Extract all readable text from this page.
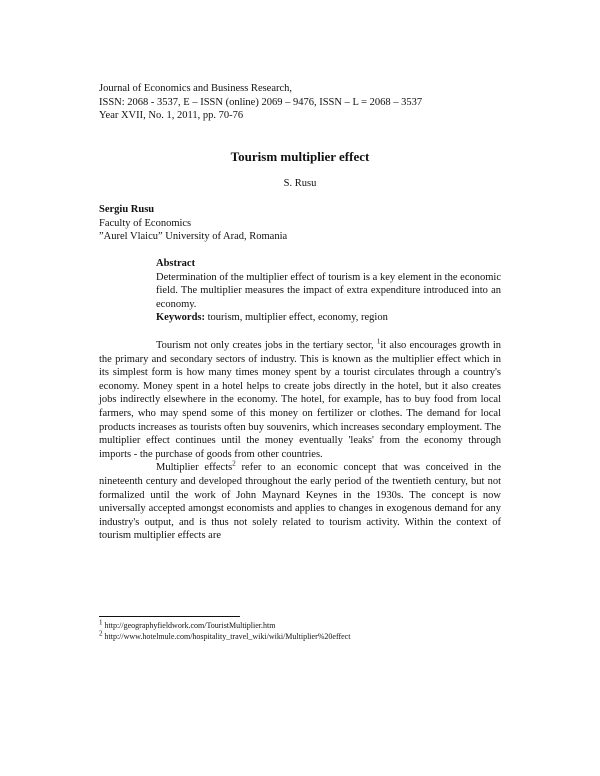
Journal of Economics and Business Research,
ISSN: 2068 - 3537, E – ISSN (online) 2069 – 9476, ISSN – L = 2068 – 3537
Year XVII, No. 1, 2011, pp. 70-76
Tourism multiplier effect
S. Rusu
Sergiu Rusu
Faculty of Economics
”Aurel Vlaicu” University of Arad, Romania
Abstract
Determination of the multiplier effect of tourism is a key element in the economic field. The multiplier measures the impact of extra expenditure introduced into an economy.
Keywords: tourism, multiplier effect, economy, region

Tourism not only creates jobs in the tertiary sector, $^1$it also encourages growth in the primary and secondary sectors of industry. This is known as the multiplier effect which in its simplest form is how many times money spent by a tourist circulates through a country's economy. Money spent in a hotel helps to create jobs directly in the hotel, but it also creates jobs indirectly elsewhere in the economy. The hotel, for example, has to buy food from local farmers, who may spend some of this money on fertilizer or clothes. The demand for local products increases as tourists often buy souvenirs, which increases secondary employment. The multiplier effect continues until the money eventually 'leaks' from the economy through imports - the purchase of goods from other countries.

Multiplier effects$^2$ refer to an economic concept that was conceived in the nineteenth century and developed throughout the early period of the twentieth century, but not formalized until the work of John Maynard Keynes in the 1930s. The concept is now universally accepted amongst economists and applies to changes in exogenous demand for any industry's output, and is thus not solely related to tourism activity. Within the context of tourism multiplier effects are

$^1$ http://geographyfieldwork.com/TouristMultiplier.htm
$^2$ http://www.hotelmule.com/hospitality_travel_wiki/wiki/Multiplier%20effect
